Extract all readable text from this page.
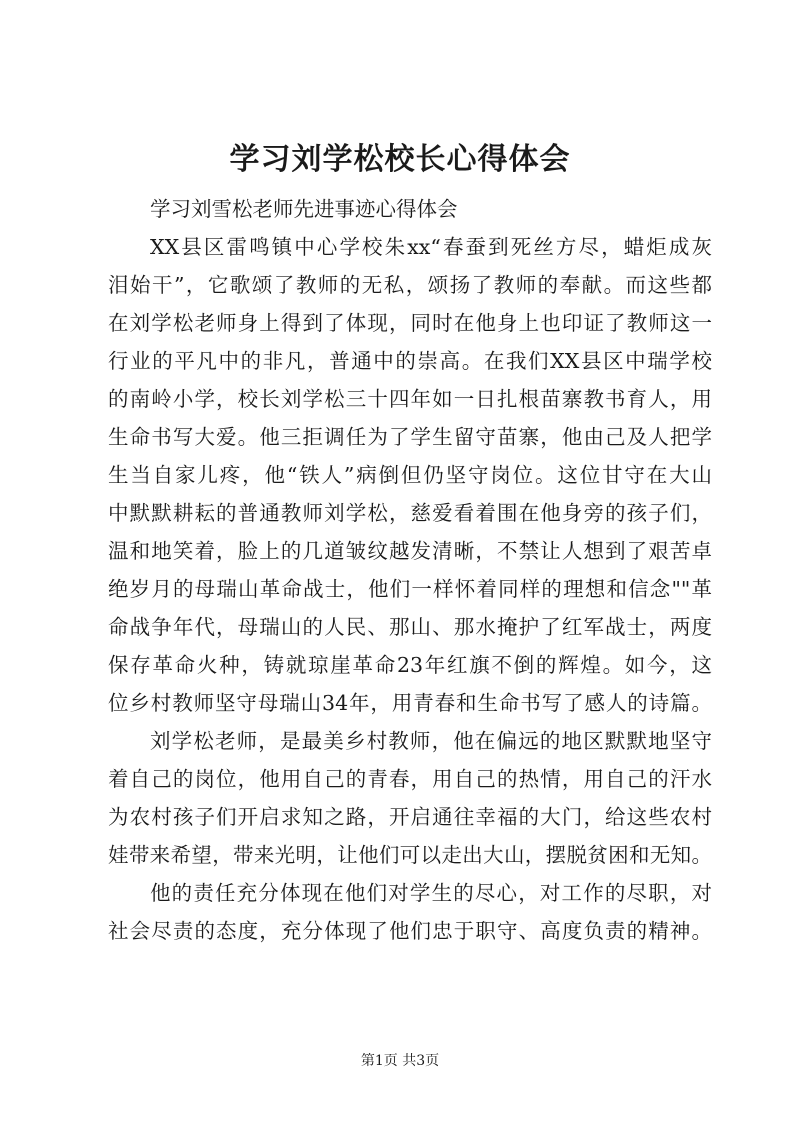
学习刘学松校长心得体会
学习刘雪松老师先进事迹心得体会
XX县区雷鸣镇中心学校朱xx“春蚕到死丝方尽，蜡炬成灰
泪始干”，它歌颂了教师的无私，颂扬了教师的奉献。而这些都
在刘学松老师身上得到了体现，同时在他身上也印证了教师这一
行业的平凡中的非凡，普通中的崇高。在我们XX县区中瑞学校
的南岭小学，校长刘学松三十四年如一日扎根苗寨教书育人，用
生命书写大爱。他三拒调任为了学生留守苗寨，他由己及人把学
生当自家儿疼，他“铁人”病倒但仍坚守岗位。这位甘守在大山
中默默耕耘的普通教师刘学松，慈爱看着围在他身旁的孩子们，
温和地笑着，脸上的几道皱纹越发清晰，不禁让人想到了艰苦卓
绝岁月的母瑞山革命战士，他们一样怀着同样的理想和信念""革
命战争年代，母瑞山的人民、那山、那水掩护了红军战士，两度
保存革命火种，铸就琼崖革命23年红旗不倒的辉煌。如今，这
位乡村教师坚守母瑞山34年，用青春和生命书写了感人的诗篇。
刘学松老师，是最美乡村教师，他在偏远的地区默默地坚守
着自己的岗位，他用自己的青春，用自己的热情，用自己的汗水
为农村孩子们开启求知之路，开启通往幸福的大门，给这些农村
娃带来希望，带来光明，让他们可以走出大山，摆脱贫困和无知。
他的责任充分体现在他们对学生的尽心，对工作的尽职，对
社会尽责的态度，充分体现了他们忠于职守、高度负责的精神。
第1页 共3页
